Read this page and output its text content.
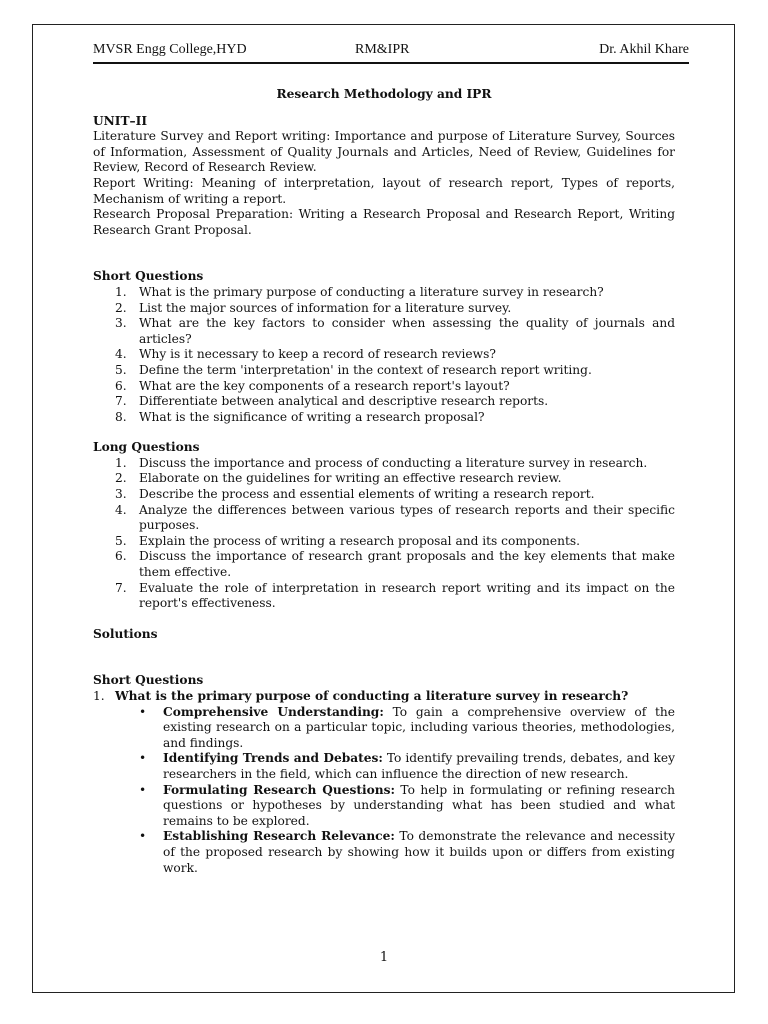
MVSR Engg College,HYD	RM&IPR	Dr. Akhil Khare
Research Methodology and IPR
UNIT–II

Literature Survey and Report writing: Importance and purpose of Literature Survey, Sources of Information, Assessment of Quality Journals and Articles, Need of Review, Guidelines for Review, Record of Research Review.

Report Writing: Meaning of interpretation, layout of research report, Types of reports, Mechanism of writing a report.

Research Proposal Preparation: Writing a Research Proposal and Research Report, Writing Research Grant Proposal.

Short Questions
1. What is the primary purpose of conducting a literature survey in research?
2. List the major sources of information for a literature survey.
3. What are the key factors to consider when assessing the quality of journals and articles?
4. Why is it necessary to keep a record of research reviews?
5. Define the term 'interpretation' in the context of research report writing.
6. What are the key components of a research report's layout?
7. Differentiate between analytical and descriptive research reports.
8. What is the significance of writing a research proposal?
Long Questions
1. Discuss the importance and process of conducting a literature survey in research.
2. Elaborate on the guidelines for writing an effective research review.
3. Describe the process and essential elements of writing a research report.
4. Analyze the differences between various types of research reports and their specific purposes.
5. Explain the process of writing a research proposal and its components.
6. Discuss the importance of research grant proposals and the key elements that make them effective.
7. Evaluate the role of interpretation in research report writing and its impact on the report's effectiveness.
Solutions
Short Questions
1. What is the primary purpose of conducting a literature survey in research?
• Comprehensive Understanding: To gain a comprehensive overview of the existing research on a particular topic, including various theories, methodologies, and findings.
• Identifying Trends and Debates: To identify prevailing trends, debates, and key researchers in the field, which can influence the direction of new research.
• Formulating Research Questions: To help in formulating or refining research questions or hypotheses by understanding what has been studied and what remains to be explored.
• Establishing Research Relevance: To demonstrate the relevance and necessity of the proposed research by showing how it builds upon or differs from existing work.
1
